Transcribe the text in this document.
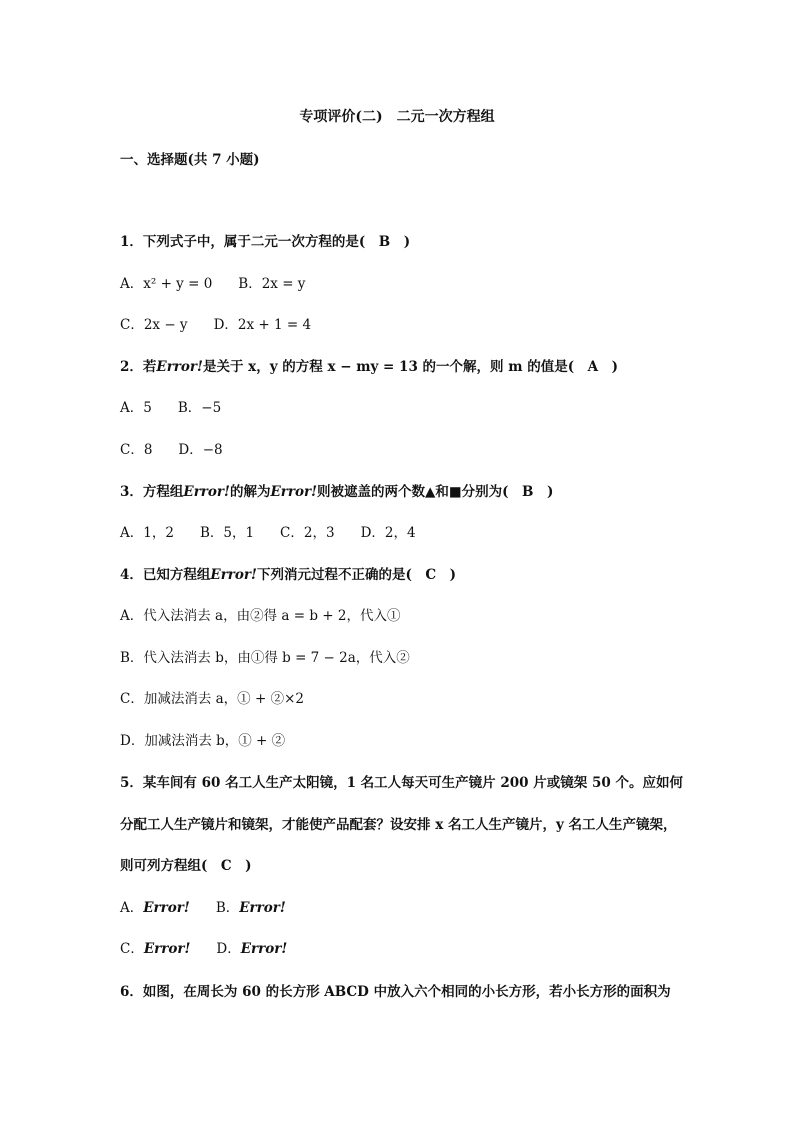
专项评价(二)　二元一次方程组
一、选择题(共 7 小题)
1．下列式子中，属于二元一次方程的是(　B　)
A．x² + y = 0 B．2x = y
C．2x − y D．2x + 1 = 4
2．若Error!是关于 x，y 的方程 x − my = 13 的一个解，则 m 的值是(　A　)
A．5 B．−5
C．8 D．−8
3．方程组Error!的解为Error!则被遮盖的两个数▲和■分别为(　B　)
A．1，2 B．5，1 C．2，3 D．2，4
4．已知方程组Error!下列消元过程不正确的是(　C　)
A．代入法消去 a，由②得 a = b + 2，代入①
B．代入法消去 b，由①得 b = 7 − 2a，代入②
C．加减法消去 a，① + ②×2
D．加减法消去 b，① + ②
5．某车间有 60 名工人生产太阳镜，1 名工人每天可生产镜片 200 片或镜架 50 个。应如何
分配工人生产镜片和镜架，才能使产品配套？设安排 x 名工人生产镜片，y 名工人生产镜架，
则可列方程组(　C　)
A．Error! B．Error!
C．Error! D．Error!
6．如图，在周长为 60 的长方形 ABCD 中放入六个相同的小长方形，若小长方形的面积为
